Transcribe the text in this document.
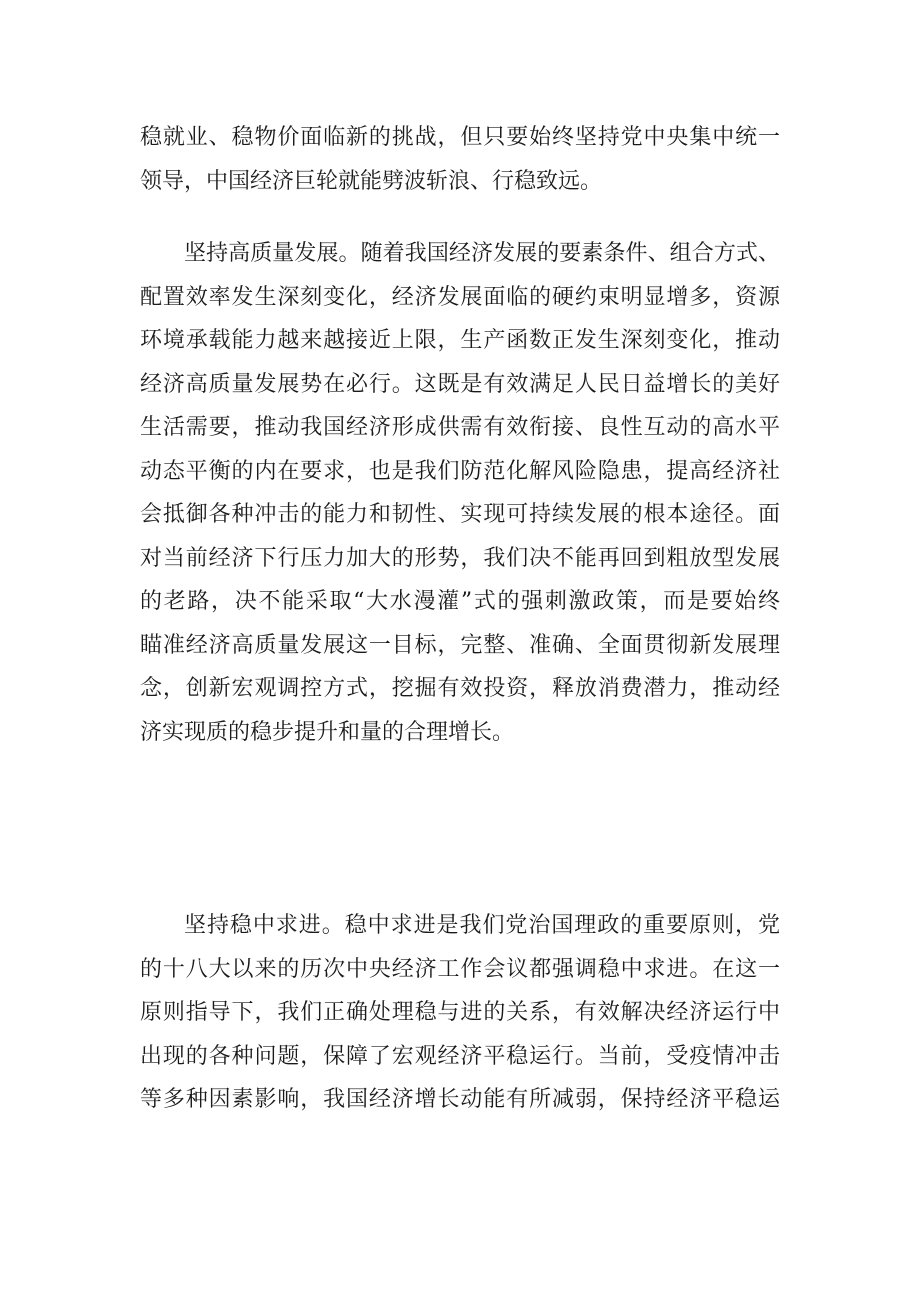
稳就业、稳物价面临新的挑战，但只要始终坚持党中央集中统一
领导，中国经济巨轮就能劈波斩浪、行稳致远。

坚持高质量发展。随着我国经济发展的要素条件、组合方式、
配置效率发生深刻变化，经济发展面临的硬约束明显增多，资源
环境承载能力越来越接近上限，生产函数正发生深刻变化，推动
经济高质量发展势在必行。这既是有效满足人民日益增长的美好
生活需要，推动我国经济形成供需有效衔接、良性互动的高水平
动态平衡的内在要求，也是我们防范化解风险隐患，提高经济社
会抵御各种冲击的能力和韧性、实现可持续发展的根本途径。面
对当前经济下行压力加大的形势，我们决不能再回到粗放型发展
的老路，决不能采取“大水漫灌”式的强刺激政策，而是要始终
瞄准经济高质量发展这一目标，完整、准确、全面贯彻新发展理
念，创新宏观调控方式，挖掘有效投资，释放消费潜力，推动经
济实现质的稳步提升和量的合理增长。

坚持稳中求进。稳中求进是我们党治国理政的重要原则，党
的十八大以来的历次中央经济工作会议都强调稳中求进。在这一
原则指导下，我们正确处理稳与进的关系，有效解决经济运行中
出现的各种问题，保障了宏观经济平稳运行。当前，受疫情冲击
等多种因素影响，我国经济增长动能有所减弱，保持经济平稳运
